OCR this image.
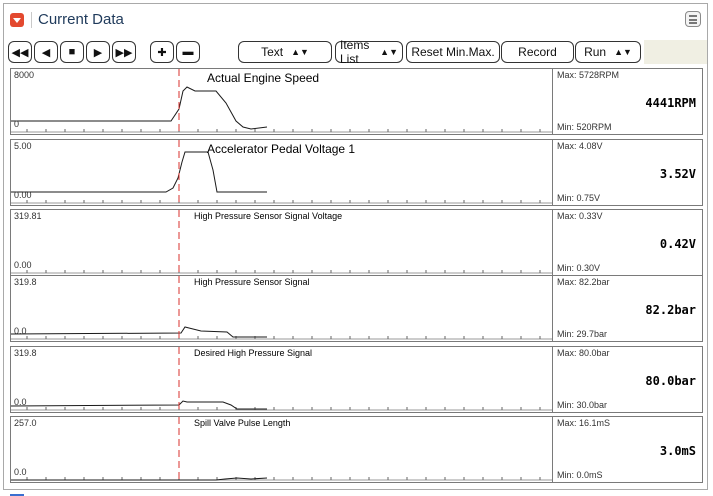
Current Data
Text ▲▼	Items List	▲▼ Reset Min.Max. Record Run ▲▼
◀◀ ◀ ■ ▶ ▶▶ ✚ ▬
8000
0
Actual Engine Speed	Max: 5728RPM
4441RPM
Min: 520RPM
5.00
0.00
Accelerator Pedal Voltage 1	Max: 4.08V
3.52V
Min: 0.75V
319.81
0.00
High Pressure Sensor Signal Voltage	Max: 0.33V
0.42V
Min: 0.30V
319.8
0.0
High Pressure Sensor Signal	Max: 82.2bar
82.2bar
Min: 29.7bar
319.8
0.0
Desired High Pressure Signal	Max: 80.0bar
80.0bar
Min: 30.0bar
257.0
0.0
Spill Valve Pulse Length	Max: 16.1mS
3.0mS
Min: 0.0mS
